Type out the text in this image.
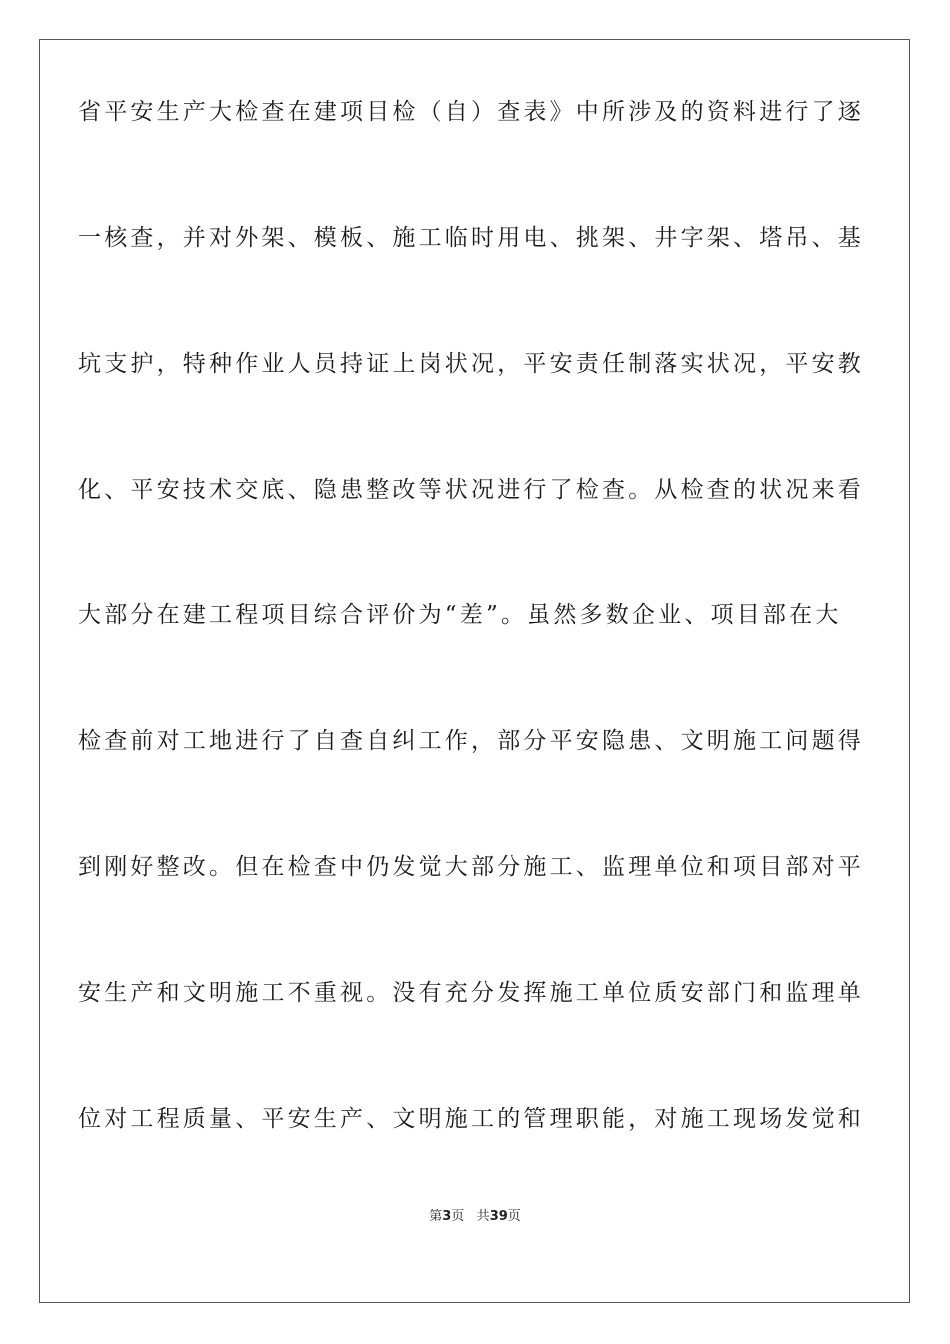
省平安生产大检查在建项目检（自）查表》中所涉及的资料进行了逐
一核查，并对外架、模板、施工临时用电、挑架、井字架、塔吊、基
坑支护，特种作业人员持证上岗状况，平安责任制落实状况，平安教
化、平安技术交底、隐患整改等状况进行了检查。从检查的状况来看
大部分在建工程项目综合评价为“差”。虽然多数企业、项目部在大
检查前对工地进行了自查自纠工作，部分平安隐患、文明施工问题得
到刚好整改。但在检查中仍发觉大部分施工、监理单位和项目部对平
安生产和文明施工不重视。没有充分发挥施工单位质安部门和监理单
位对工程质量、平安生产、文明施工的管理职能，对施工现场发觉和
第3页 共39页
